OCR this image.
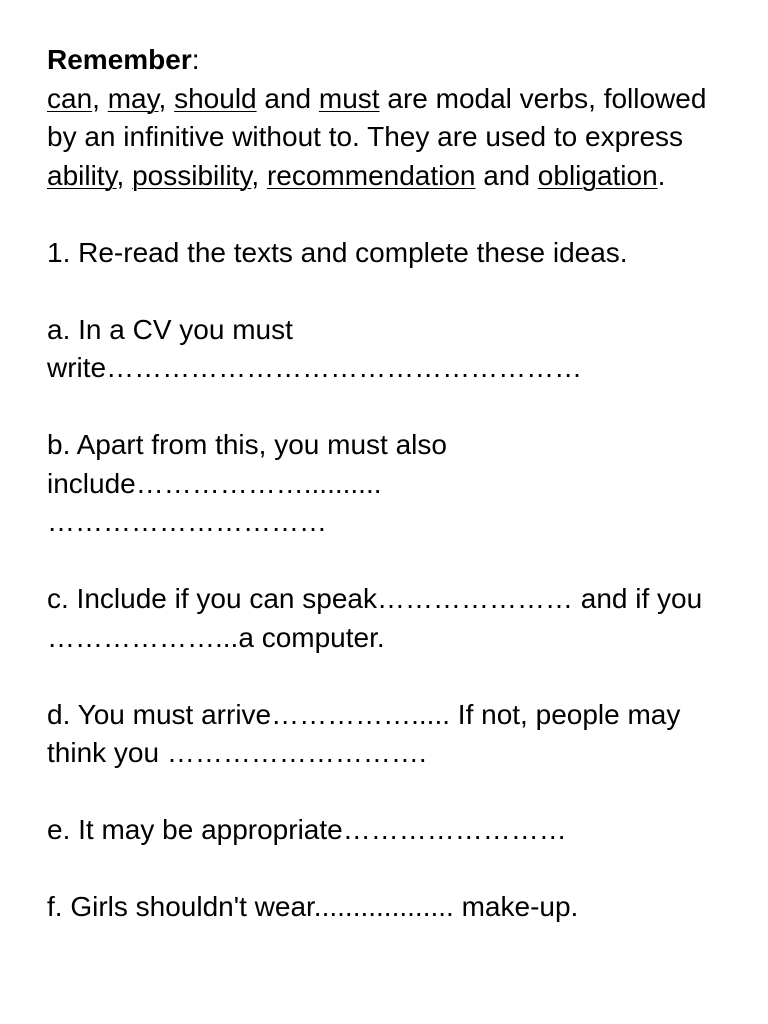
Remember:

can, may, should and must are modal verbs, followed by an infinitive without to. They are used to express ability, possibility, recommendation and obligation.

1. Re-read the texts and complete these ideas.

a. In a CV you must

write……………………………………………

b. Apart from this, you must also

include………………..........

…………………………

c. Include if you can speak………………… and if you ………………...a computer.

d. You must arrive……………..... If not, people may think you ……………………….

e. It may be appropriate……………………

f. Girls shouldn't wear.................. make-up.
